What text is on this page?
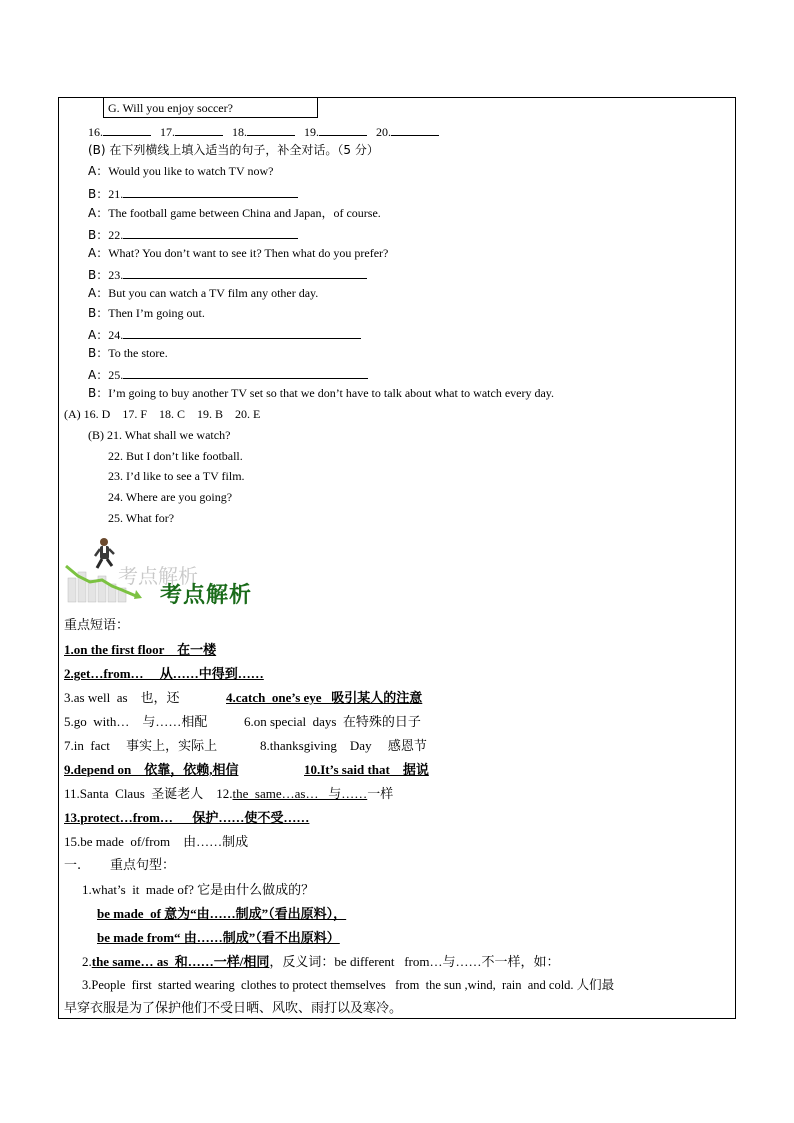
G. Will you enjoy soccer?
16.	17.	18.	19.	20.
(B) 在下列横线上填入适当的句子，补全对话。（5 分）
A：Would you like to watch TV now?
B：21.
A：The football game between China and Japan，of course.
B：22.
A：What? You don’t want to see it? Then what do you prefer?
B：23.
A：But you can watch a TV film any other day.
B：Then I’m going out.
A：24.
B：To the store.
A：25.
B：I’m going to buy another TV set so that we don’t have to talk about what to watch every day.
(A) 16. D    17. F    18. C    19. B    20. E
(B) 21. What shall we watch?
22. But I don’t like football.
23. I’d like to see a TV film.
24. Where are you going?
25. What for?
考点解析
考点解析
重点短语：
1.on the first floor    在一楼
2.get…from…     从……中得到……
3.as well  as    也，还	4.catch  one’s eye   吸引某人的注意
5.go  with…    与……相配	6.on special  days  在特殊的日子
7.in  fact     事实上，实际上	8.thanksgiving    Day     感恩节
9.depend on    依靠，依赖,相信	10.It’s said that    据说
11.Santa  Claus  圣诞老人    12.the  same…as…   与……一样
13.protect…from…      保护……使不受……
15.be made  of/from    由……制成
一.       重点句型：
1.what’s  it  made of? 它是由什么做成的？
be made  of 意为“由……制成”（看出原料），
be made from“ 由……制成”（看不出原料）
2.the same… as  和……一样/相同，反义词：be different   from…与……不一样，如：
3.People  first  started wearing  clothes to protect themselves   from  the sun ,wind,  rain  and cold. 人们最
早穿衣服是为了保护他们不受日晒、风吹、雨打以及寒冷。
